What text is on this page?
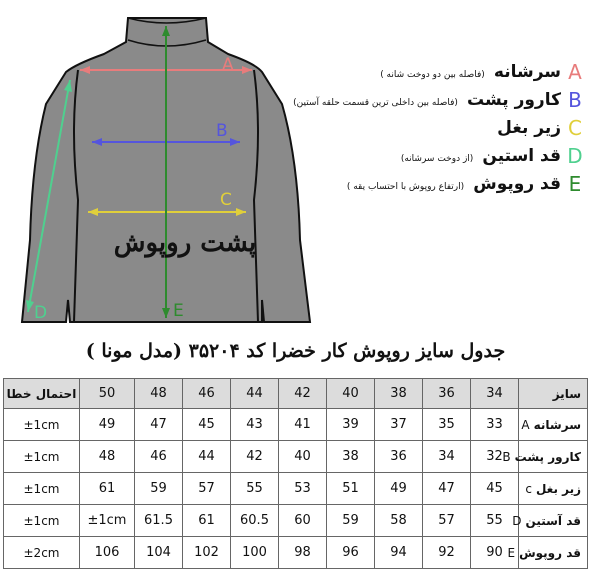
A
B
C
D	E
پشت روپوش
سرشانه (فاصله بین دو دوخت شانه )	A
کارور پشت (فاصله بین داخلی ترین قسمت حلقه آستین)	B
زیر بغل C
قد استین (از دوخت سرشانه)	D
قد روپوش (ارتفاع روپوش با احتساب یقه )	E
جدول سایز روپوش کار خضرا کد ۳۵۲۰۴ (مدل مونا )
احتمال خطا	50	48	46	44	42	40	38	36	34	سایز
±1cm	49	47	45	43	41	39	37	35	33	سرشانهA
±1cm	48	46	44	42	40	38	36	34	32	کارور پشتB
±1cm	61	59	57	55	53	51	49	47	45	زیر بغلc
±1cm	±1cm	61.5	61	60.5	60	59	58	57	55	قد آستینD
±2cm	106	104	102	100	98	96	94	92	90	قد روپوشE
